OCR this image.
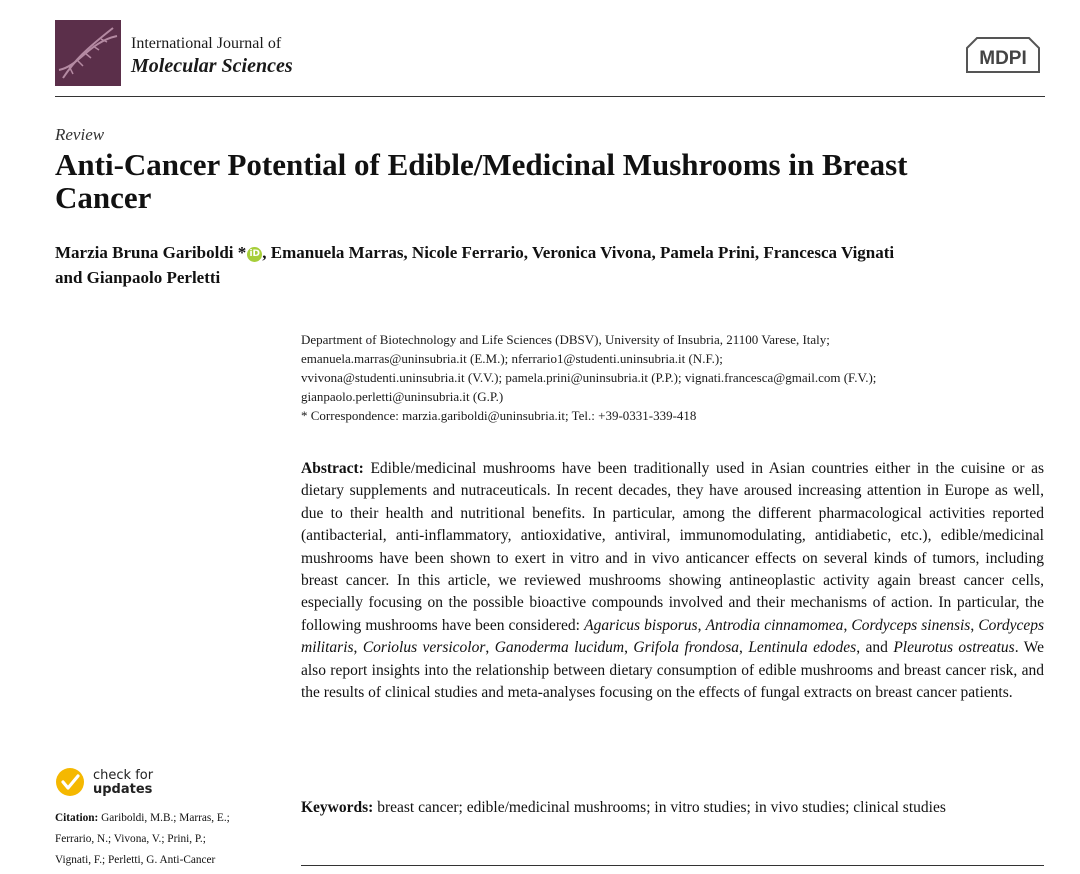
International Journal of
Molecular Sciences	MDPI
Review
Anti-Cancer Potential of Edible/Medicinal Mushrooms in Breast Cancer
Marzia Bruna Gariboldi * iD , Emanuela Marras, Nicole Ferrario, Veronica Vivona, Pamela Prini, Francesca Vignati
and Gianpaolo Perletti
Department of Biotechnology and Life Sciences (DBSV), University of Insubria, 21100 Varese, Italy;
emanuela.marras@uninsubria.it (E.M.); nferrario1@studenti.uninsubria.it (N.F.);
vvivona@studenti.uninsubria.it (V.V.); pamela.prini@uninsubria.it (P.P.); vignati.francesca@gmail.com (F.V.);
gianpaolo.perletti@uninsubria.it (G.P.)
* Correspondence: marzia.gariboldi@uninsubria.it; Tel.: +39-0331-339-418

Abstract: Edible/medicinal mushrooms have been traditionally used in Asian countries either in the cuisine or as dietary supplements and nutraceuticals. In recent decades, they have aroused increasing attention in Europe as well, due to their health and nutritional benefits. In particular, among the different pharmacological activities reported (antibacterial, anti-inflammatory, antioxidative, antiviral, immunomodulating, antidiabetic, etc.), edible/medicinal mushrooms have been shown to exert in vitro and in vivo anticancer effects on several kinds of tumors, including breast cancer. In this article, we reviewed mushrooms showing antineoplastic activity again breast cancer cells, especially focusing on the possible bioactive compounds involved and their mechanisms of action. In particular, the following mushrooms have been considered: Agaricus bisporus, Antrodia cinnamomea, Cordyceps sinensis, Cordyceps militaris, Coriolus versicolor, Ganoderma lucidum, Grifola frondosa, Lentinula edodes, and Pleurotus ostreatus. We also report insights into the relationship between dietary consumption of edible mushrooms and breast cancer risk, and the results of clinical studies and meta-analyses focusing on the effects of fungal extracts on breast cancer patients.

Keywords: breast cancer; edible/medicinal mushrooms; in vitro studies; in vivo studies; clinical studies

check for
updates
Citation: Gariboldi, M.B.; Marras, E.;
Ferrario, N.; Vivona, V.; Prini, P.;
Vignati, F.; Perletti, G. Anti-Cancer
